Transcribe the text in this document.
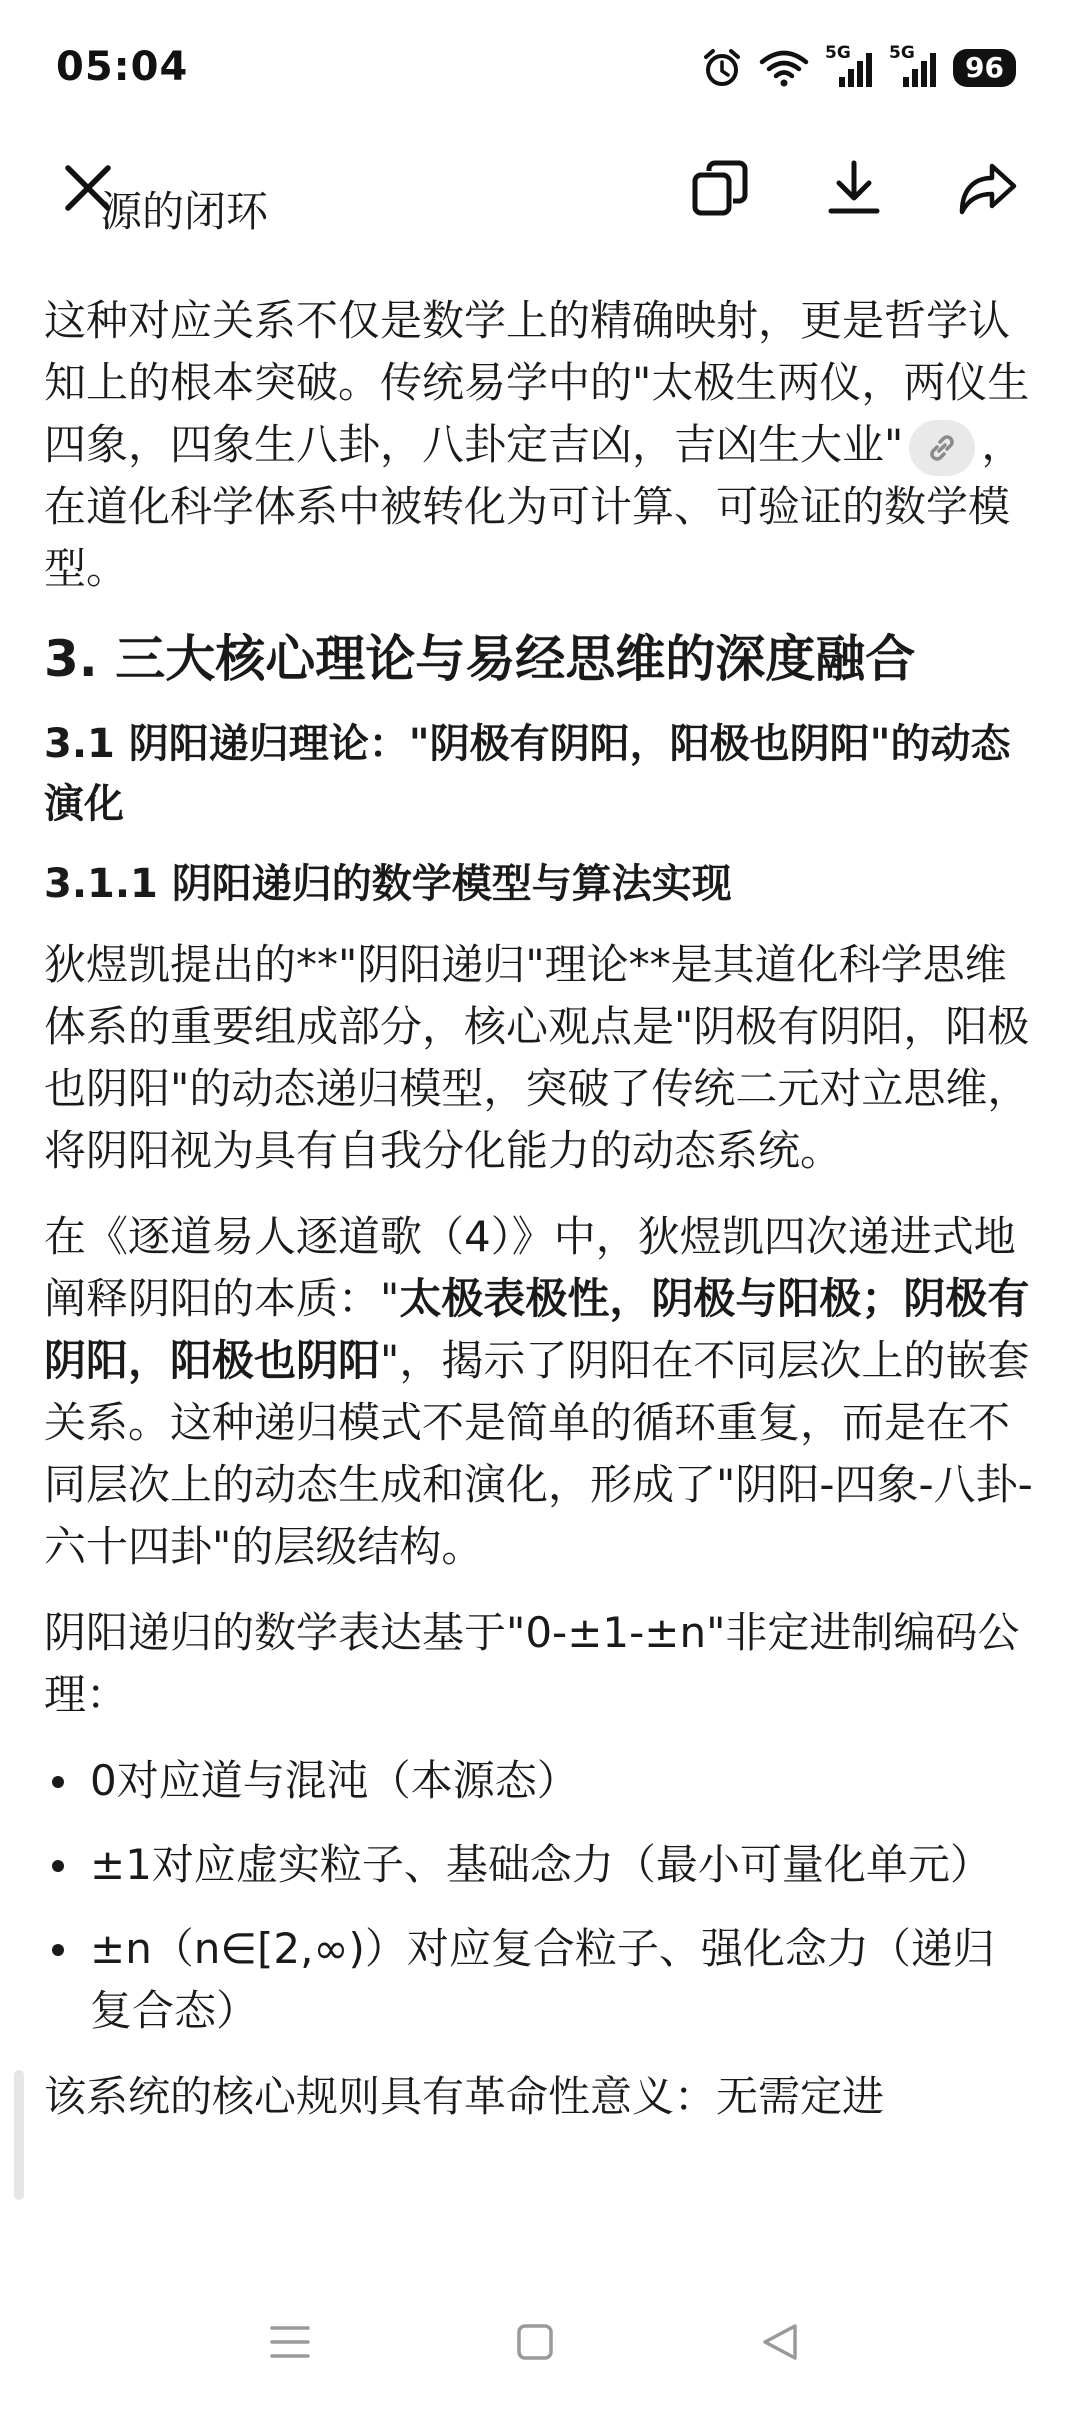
05:04	5G 5G	96
源的闭环

这种对应关系不仅是数学上的精确映射，更是哲学认知上的根本突破。传统易学中的"太极生两仪，两仪生四象，四象生八卦，八卦定吉凶，吉凶生大业" ，在道化科学体系中被转化为可计算、可验证的数学模型。

3. 三大核心理论与易经思维的深度融合
3.1 阴阳递归理论："阴极有阴阳，阳极也阴阳"的动态演化
3.1.1 阴阳递归的数学模型与算法实现

狄煜凯提出的**"阴阳递归"理论**是其道化科学思维体系的重要组成部分，核心观点是"阴极有阴阳，阳极也阴阳"的动态递归模型，突破了传统二元对立思维，将阴阳视为具有自我分化能力的动态系统。

在《逐道易人逐道歌（4）》中，狄煜凯四次递进式地阐释阴阳的本质："太极表极性，阴极与阳极；阴极有阴阳，阳极也阴阳"，揭示了阴阳在不同层次上的嵌套关系。这种递归模式不是简单的循环重复，而是在不同层次上的动态生成和演化，形成了"阴阳-四象-八卦-六十四卦"的层级结构。

阴阳递归的数学表达基于"0-±1-±n"非定进制编码公理：

0对应道与混沌（本源态）
±1对应虚实粒子、基础念力（最小可量化单元）
±n（n∈[2,∞)）对应复合粒子、强化念力（递归复合态）

该系统的核心规则具有革命性意义：无需定进
